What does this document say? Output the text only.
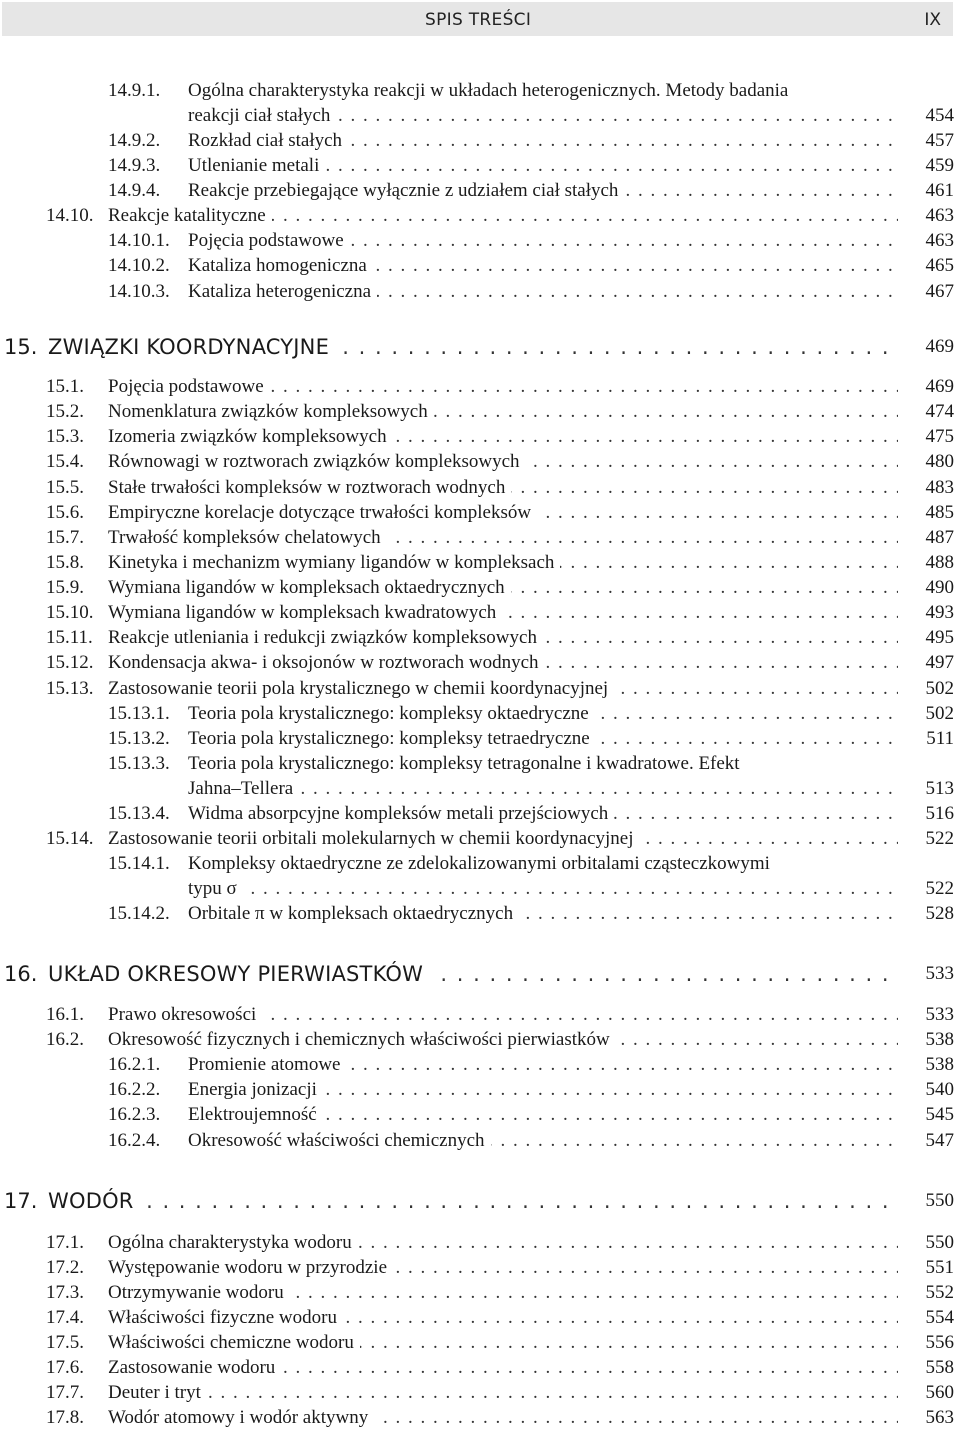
SPIS TREŚCI	IX
14.9.1. Ogólna charakterystyka reakcji w układach heterogenicznych. Metody badania
reakcji ciał stałych . . .	454
14.9.2. Rozkład ciał stałych . . .	457
14.9.3. Utlenianie metali . . .	459
14.9.4. Reakcje przebiegające wyłącznie z udziałem ciał stałych . . .	461
14.10. Reakcje katalityczne . . .	463
14.10.1. Pojęcia podstawowe . . .	463
14.10.2. Kataliza homogeniczna . . .	465
14.10.3. Kataliza heterogeniczna . . .	467
15. ZWIĄZKI KOORDYNACYJNE . . .	469
15.1. Pojęcia podstawowe . . .	469
15.2. Nomenklatura związków kompleksowych . . .	474
15.3. Izomeria związków kompleksowych . . .	475
15.4. Równowagi w roztworach związków kompleksowych . . .	480
15.5. Stałe trwałości kompleksów w roztworach wodnych . . .	483
15.6. Empiryczne korelacje dotyczące trwałości kompleksów . . .	485
15.7. Trwałość kompleksów chelatowych . . .	487
15.8. Kinetyka i mechanizm wymiany ligandów w kompleksach . . .	488
15.9. Wymiana ligandów w kompleksach oktaedrycznych . . .	490
15.10. Wymiana ligandów w kompleksach kwadratowych . . .	493
15.11. Reakcje utleniania i redukcji związków kompleksowych . . .	495
15.12. Kondensacja akwa- i oksojonów w roztworach wodnych . . .	497
15.13. Zastosowanie teorii pola krystalicznego w chemii koordynacyjnej . . .	502
15.13.1. Teoria pola krystalicznego: kompleksy oktaedryczne . . .	502
15.13.2. Teoria pola krystalicznego: kompleksy tetraedryczne . . .	511
15.13.3. Teoria pola krystalicznego: kompleksy tetragonalne i kwadratowe. Efekt
Jahna–Tellera . . .	513
15.13.4. Widma absorpcyjne kompleksów metali przejściowych . . .	516
15.14. Zastosowanie teorii orbitali molekularnych w chemii koordynacyjnej . . .	522
15.14.1. Kompleksy oktaedryczne ze zdelokalizowanymi orbitalami cząsteczkowymi
typu σ . . .	522
15.14.2. Orbitale π w kompleksach oktaedrycznych . . .	528
16. UKŁAD OKRESOWY PIERWIASTKÓW . . .	533
16.1. Prawo okresowości . . .	533
16.2. Okresowość fizycznych i chemicznych właściwości pierwiastków . . .	538
16.2.1. Promienie atomowe . . .	538
16.2.2. Energia jonizacji . . .	540
16.2.3. Elektroujemność . . .	545
16.2.4. Okresowość właściwości chemicznych . . .	547
17. WODÓR . . .	550
17.1. Ogólna charakterystyka wodoru . . .	550
17.2. Występowanie wodoru w przyrodzie . . .	551
17.3. Otrzymywanie wodoru . . .	552
17.4. Właściwości fizyczne wodoru . . .	554
17.5. Właściwości chemiczne wodoru . . .	556
17.6. Zastosowanie wodoru . . .	558
17.7. Deuter i tryt . . .	560
17.8. Wodór atomowy i wodór aktywny . . .	563
